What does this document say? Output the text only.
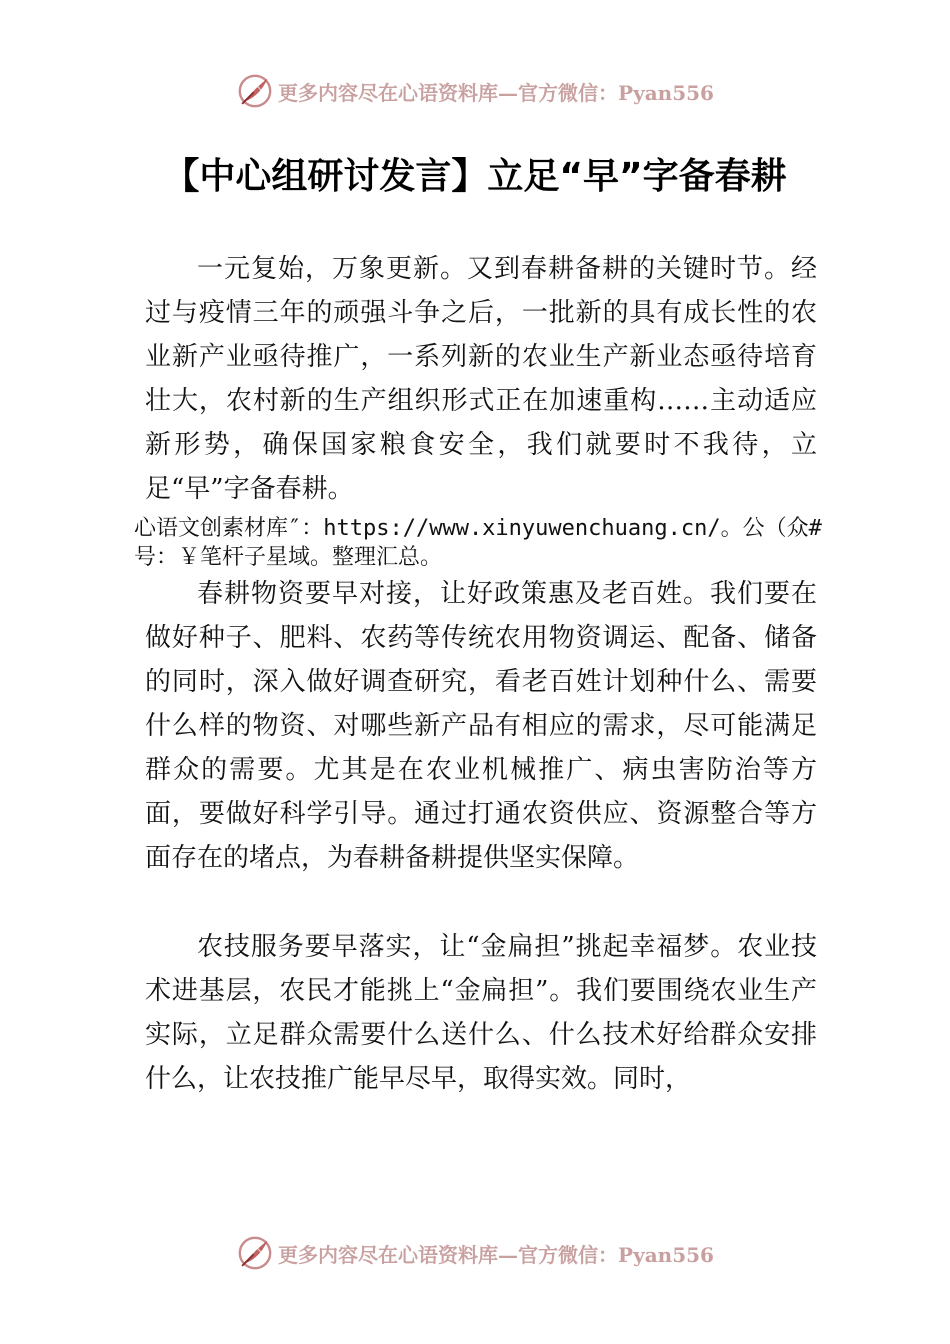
更多内容尽在心语资料库—官方微信：Pyan556
【中心组研讨发言】立足“早”字备春耕

一元复始，万象更新。又到春耕备耕的关键时节。经过与疫情三年的顽强斗争之后，一批新的具有成长性的农业新产业亟待推广，一系列新的农业生产新业态亟待培育壮大，农村新的生产组织形式正在加速重构……主动适应新形势，确保国家粮食安全，我们就要时不我待，立足“早”字备春耕。

心语文创素材库″：https://www.xinyuwenchuang.cn/。公（众#号：￥笔杆子星域。整理汇总。

春耕物资要早对接，让好政策惠及老百姓。我们要在做好种子、肥料、农药等传统农用物资调运、配备、储备的同时，深入做好调查研究，看老百姓计划种什么、需要什么样的物资、对哪些新产品有相应的需求，尽可能满足群众的需要。尤其是在农业机械推广、病虫害防治等方面，要做好科学引导。通过打通农资供应、资源整合等方面存在的堵点，为春耕备耕提供坚实保障。

农技服务要早落实，让“金扁担”挑起幸福梦。农业技术进基层，农民才能挑上“金扁担”。我们要围绕农业生产实际，立足群众需要什么送什么、什么技术好给群众安排什么，让农技推广能早尽早，取得实效。同时，

更多内容尽在心语资料库—官方微信：Pyan556
